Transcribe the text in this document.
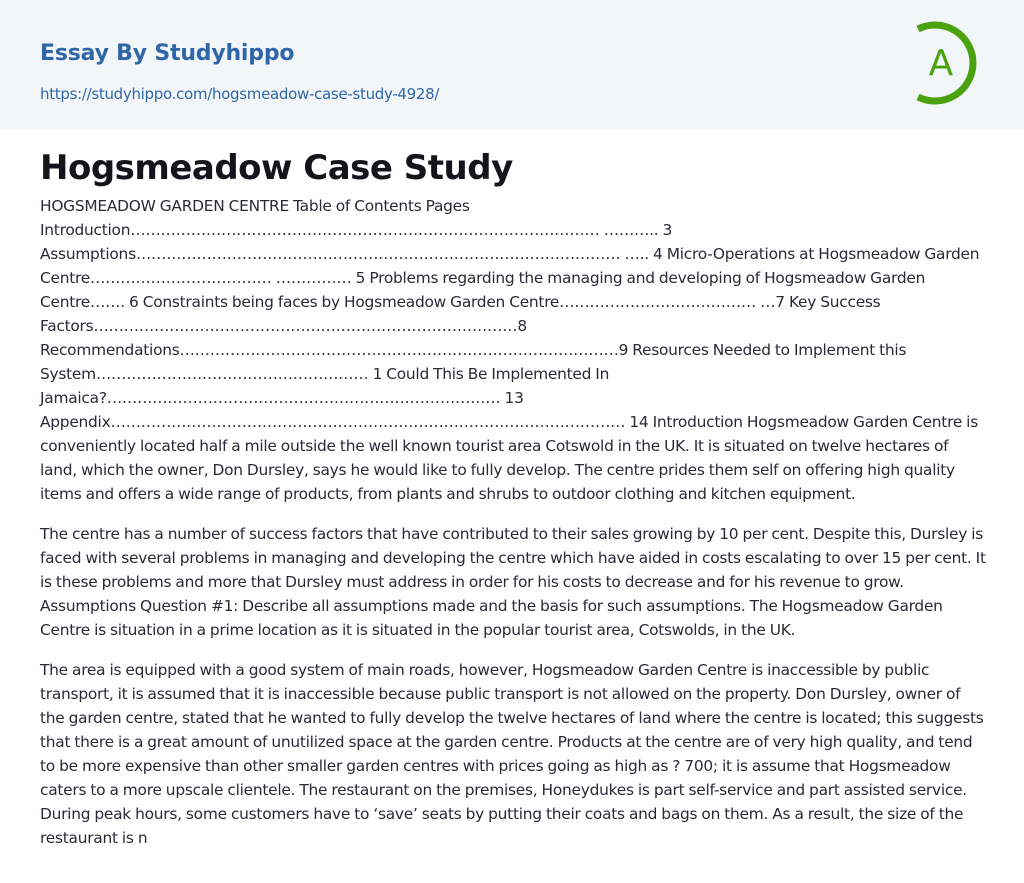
Essay By Studyhippo
https://studyhippo.com/hogsmeadow-case-study-4928/
A
Hogsmeadow Case Study

HOGSMEADOW GARDEN CENTRE Table of Contents Pages Introduction………………………………………………………………………………… ……….. 3 Assumptions…………………………………………………………………………………… ….. 4 Micro-Operations at Hogsmeadow Garden Centre……………………………… …………… 5 Problems regarding the managing and developing of Hogsmeadow Garden Centre……. 6 Constraints being faces by Hogsmeadow Garden Centre………………………………… …7 Key Success Factors…………………………………………………………………………8 Recommendations……………………………………………………………………………9 Resources Needed to Implement this System……………………………………………… 1 Could This Be Implemented In Jamaica?…………………………………………………………………… 13 Appendix………………………………………………………………………………………… 14 Introduction Hogsmeadow Garden Centre is conveniently located half a mile outside the well known tourist area Cotswold in the UK. It is situated on twelve hectares of land, which the owner, Don Dursley, says he would like to fully develop. The centre prides them self on offering high quality items and offers a wide range of products, from plants and shrubs to outdoor clothing and kitchen equipment.

The centre has a number of success factors that have contributed to their sales growing by 10 per cent. Despite this, Dursley is faced with several problems in managing and developing the centre which have aided in costs escalating to over 15 per cent. It is these problems and more that Dursley must address in order for his costs to decrease and for his revenue to grow. Assumptions Question #1: Describe all assumptions made and the basis for such assumptions. The Hogsmeadow Garden Centre is situation in a prime location as it is situated in the popular tourist area, Cotswolds, in the UK.

The area is equipped with a good system of main roads, however, Hogsmeadow Garden Centre is inaccessible by public transport, it is assumed that it is inaccessible because public transport is not allowed on the property. Don Dursley, owner of the garden centre, stated that he wanted to fully develop the twelve hectares of land where the centre is located; this suggests that there is a great amount of unutilized space at the garden centre. Products at the centre are of very high quality, and tend to be more expensive than other smaller garden centres with prices going as high as ? 700; it is assume that Hogsmeadow caters to a more upscale clientele. The restaurant on the premises, Honeydukes is part self-service and part assisted service. During peak hours, some customers have to ‘save’ seats by putting their coats and bags on them. As a result, the size of the restaurant is n
